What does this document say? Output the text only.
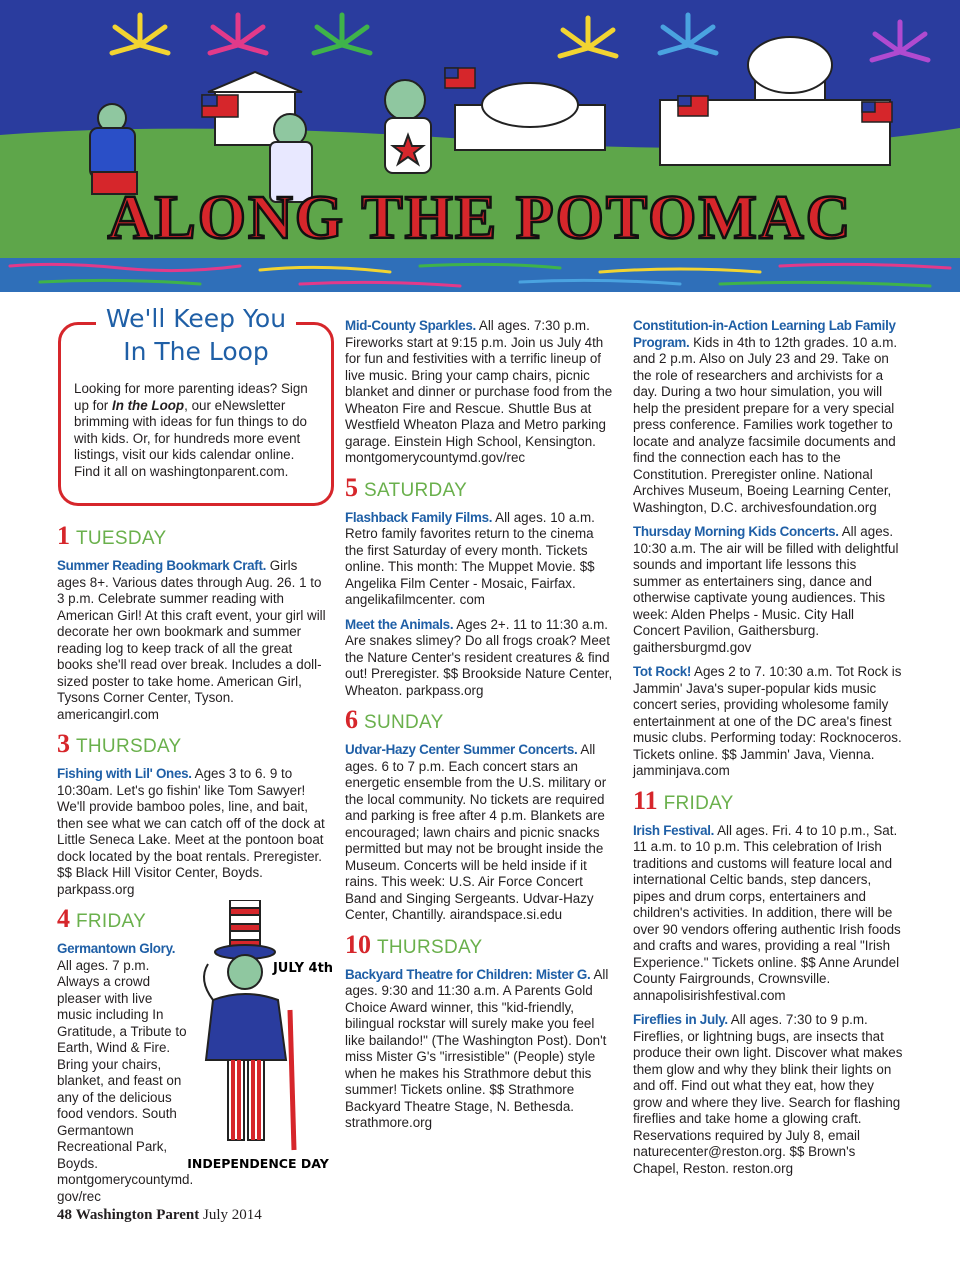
ALONG THE POTOMAC
We'll Keep You
In The Loop
Looking for more parenting ideas? Sign up for In the Loop, our eNewsletter brimming with ideas for fun things to do with kids. Or, for hundreds more event listings, visit our kids calendar online. Find it all on washingtonparent.com.
1 TUESDAY

Summer Reading Bookmark Craft. Girls ages 8+. Various dates through Aug. 26. 1 to 3 p.m. Celebrate summer reading with American Girl! At this craft event, your girl will decorate her own bookmark and summer reading log to keep track of all the great books she'll read over break. Includes a doll-sized poster to take home. American Girl, Tysons Corner Center, Tyson. americangirl.com

3 THURSDAY

Fishing with Lil' Ones. Ages 3 to 6. 9 to 10:30am. Let's go fishin' like Tom Sawyer! We'll provide bamboo poles, line, and bait, then see what we can catch off of the dock at Little Seneca Lake. Meet at the pontoon boat dock located by the boat rentals. Preregister. $$ Black Hill Visitor Center, Boyds. parkpass.org

4 FRIDAY

Germantown Glory. All ages. 7 p.m. Always a crowd pleaser with live music including In Gratitude, a Tribute to Earth, Wind & Fire. Bring your chairs, blanket, and feast on any of the delicious food vendors. South Germantown Recreational Park, Boyds. montgomerycountymd. gov/rec

JULY 4th
INDEPENDENCE DAY

Mid-County Sparkles. All ages. 7:30 p.m. Fireworks start at 9:15 p.m. Join us July 4th for fun and festivities with a terrific lineup of live music. Bring your camp chairs, picnic blanket and dinner or purchase food from the Wheaton Fire and Rescue. Shuttle Bus at Westfield Wheaton Plaza and Metro parking garage. Einstein High School, Kensington. montgomerycountymd.gov/rec

5 SATURDAY

Flashback Family Films. All ages. 10 a.m. Retro family favorites return to the cinema the first Saturday of every month. Tickets online. This month: The Muppet Movie. $$ Angelika Film Center - Mosaic, Fairfax. angelikafilmcenter. com

Meet the Animals. Ages 2+. 11 to 11:30 a.m. Are snakes slimey? Do all frogs croak? Meet the Nature Center's resident creatures & find out! Preregister. $$ Brookside Nature Center, Wheaton. parkpass.org

6 SUNDAY

Udvar-Hazy Center Summer Concerts. All ages. 6 to 7 p.m. Each concert stars an energetic ensemble from the U.S. military or the local community. No tickets are required and parking is free after 4 p.m. Blankets are encouraged; lawn chairs and picnic snacks permitted but may not be brought inside the Museum. Concerts will be held inside if it rains. This week: U.S. Air Force Concert Band and Singing Sergeants. Udvar-Hazy Center, Chantilly. airandspace.si.edu

10 THURSDAY

Backyard Theatre for Children: Mister G. All ages. 9:30 and 11:30 a.m. A Parents Gold Choice Award winner, this "kid-friendly, bilingual rockstar will surely make you feel like bailando!" (The Washington Post). Don't miss Mister G's "irresistible" (People) style when he makes his Strathmore debut this summer! Tickets online. $$ Strathmore Backyard Theatre Stage, N. Bethesda. strathmore.org

Constitution-in-Action Learning Lab Family Program. Kids in 4th to 12th grades. 10 a.m. and 2 p.m. Also on July 23 and 29. Take on the role of researchers and archivists for a day. During a two hour simulation, you will help the president prepare for a very special press conference. Families work together to locate and analyze facsimile documents and find the connection each has to the Constitution. Preregister online. National Archives Museum, Boeing Learning Center, Washington, D.C. archivesfoundation.org

Thursday Morning Kids Concerts. All ages. 10:30 a.m. The air will be filled with delightful sounds and important life lessons this summer as entertainers sing, dance and otherwise captivate young audiences. This week: Alden Phelps - Music. City Hall Concert Pavilion, Gaithersburg. gaithersburgmd.gov

Tot Rock! Ages 2 to 7. 10:30 a.m. Tot Rock is Jammin' Java's super-popular kids music concert series, providing wholesome family entertainment at one of the DC area's finest music clubs. Performing today: Rocknoceros. Tickets online. $$ Jammin' Java, Vienna. jamminjava.com

11 FRIDAY

Irish Festival. All ages. Fri. 4 to 10 p.m., Sat. 11 a.m. to 10 p.m. This celebration of Irish traditions and customs will feature local and international Celtic bands, step dancers, pipes and drum corps, entertainers and children's activities. In addition, there will be over 90 vendors offering authentic Irish foods and crafts and wares, providing a real "Irish Experience." Tickets online. $$ Anne Arundel County Fairgrounds, Crownsville. annapolisirishfestival.com

Fireflies in July. All ages. 7:30 to 9 p.m. Fireflies, or lightning bugs, are insects that produce their own light. Discover what makes them glow and why they blink their lights on and off. Find out what they eat, how they grow and where they live. Search for flashing fireflies and take home a glowing craft. Reservations required by July 8, email naturecenter@reston.org. $$ Brown's Chapel, Reston. reston.org

48 Washington Parent July 2014
